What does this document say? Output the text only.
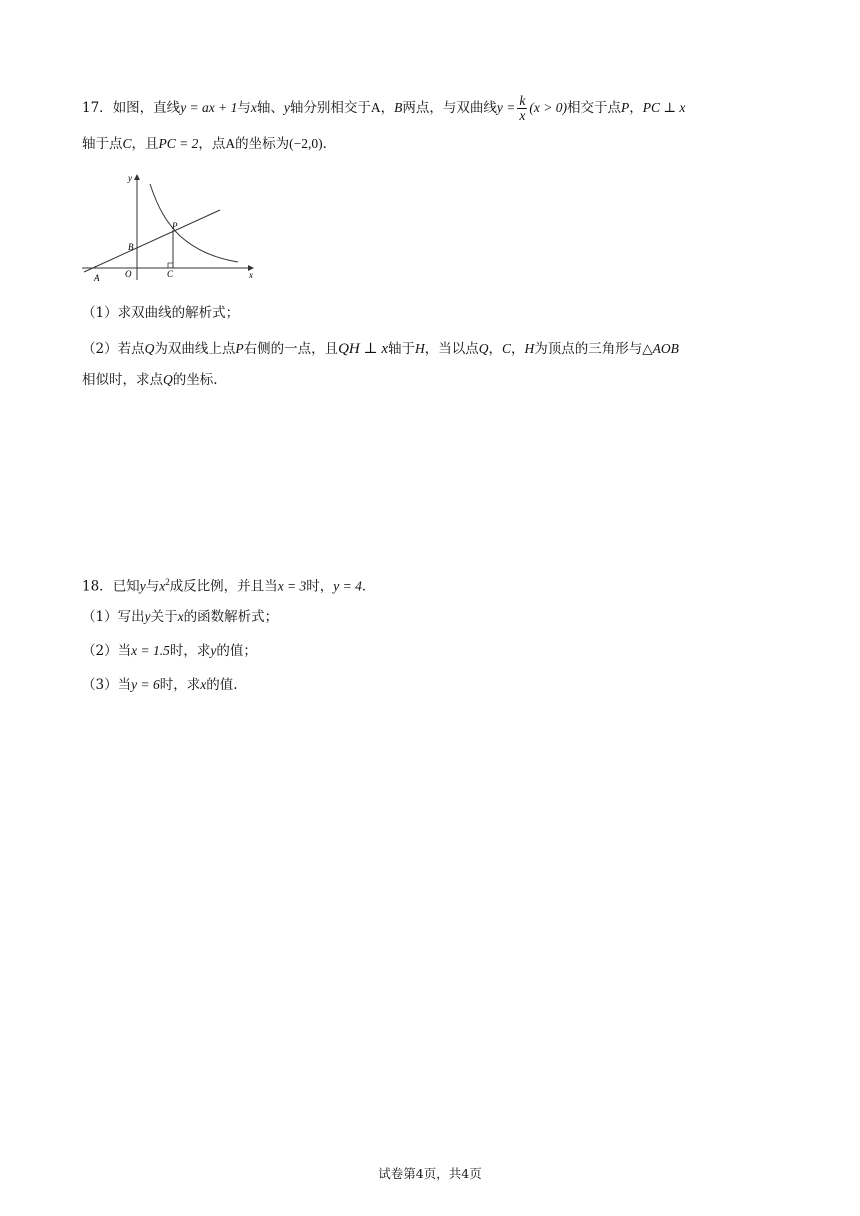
17．如图，直线y = ax + 1与x轴、y轴分别相交于A，B两点，与双曲线$y = \frac{k}{x} (x > 0)$相交于点P，PC ⊥ x
轴于点C，且PC = 2，点A的坐标为(−2,0)．
y
x
P
B
A	O	C
（1）求双曲线的解析式；
（2）若点Q为双曲线上点P右侧的一点，且QH ⊥ x轴于H，当以点Q，C，H为顶点的三角形与△AOB
相似时，求点Q的坐标.
18．已知y与$x^2$成反比例，并且当x = 3时，y = 4．
（1）写出y关于x的函数解析式；
（2）当x = 1.5时，求y的值；
（3）当y = 6时，求x的值.
试卷第4页，共4页
